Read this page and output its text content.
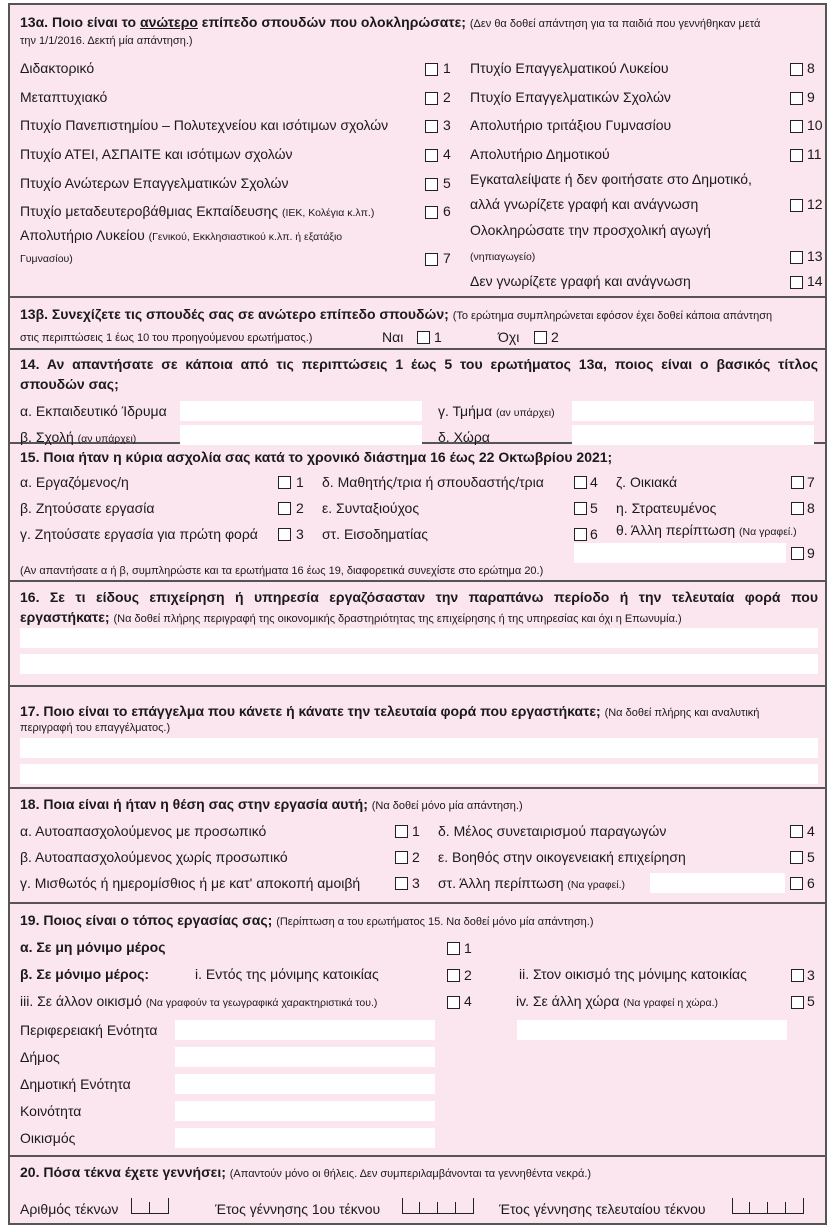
13α. Ποιο είναι το ανώτερο επίπεδο σπουδών που ολοκληρώσατε; (Δεν θα δοθεί απάντηση για τα παιδιά που γεννήθηκαν μετά
την 1/1/2016. Δεκτή μία απάντηση.)
Διδακτορικό	1
Μεταπτυχιακό	2
Πτυχίο Πανεπιστημίου – Πολυτεχνείου και ισότιμων σχολών	3
Πτυχίο ΑΤΕΙ, ΑΣΠΑΙΤΕ και ισότιμων σχολών	4
Πτυχίο Ανώτερων Επαγγελματικών Σχολών	5
Πτυχίο μεταδευτεροβάθμιας Εκπαίδευσης (ΙΕΚ, Κολέγια κ.λπ.)	6
Απολυτήριο Λυκείου (Γενικού, Εκκλησιαστικού κ.λπ. ή εξατάξιο
Γυμνασίου)	7
Πτυχίο Επαγγελματικού Λυκείου	8
Πτυχίο Επαγγελματικών Σχολών	9
Απολυτήριο τριτάξιου Γυμνασίου	10
Απολυτήριο Δημοτικού	11
Εγκαταλείψατε ή δεν φοιτήσατε στο Δημοτικό,
αλλά γνωρίζετε γραφή και ανάγνωση	12
Ολοκληρώσατε την προσχολική αγωγή
(νηπιαγωγείο)	13
Δεν γνωρίζετε γραφή και ανάγνωση	14
13β. Συνεχίζετε τις σπουδές σας σε ανώτερο επίπεδο σπουδών; (Το ερώτημα συμπληρώνεται εφόσον έχει δοθεί κάποια απάντηση
στις περιπτώσεις 1 έως 10 του προηγούμενου ερωτήματος.)	Ναι 1	Όχι 2
14. Αν απαντήσατε σε κάποια από τις περιπτώσεις 1 έως 5 του ερωτήματος 13α, ποιος είναι ο βασικός τίτλος
σπουδών σας;
α. Εκπαιδευτικό Ίδρυμα
β. Σχολή (αν υπάρχει)
γ. Τμήμα (αν υπάρχει)
δ. Χώρα
15. Ποια ήταν η κύρια ασχολία σας κατά το χρονικό διάστημα 16 έως 22 Οκτωβρίου 2021;
α. Εργαζόμενος/η	1
β. Ζητούσατε εργασία	2
γ. Ζητούσατε εργασία για πρώτη φορά	3
δ. Μαθητής/τρια ή σπουδαστής/τρια	4
ε. Συνταξιούχος	5
στ. Εισοδηματίας	6
ζ. Οικιακά	7
η. Στρατευμένος	8
θ. Άλλη περίπτωση (Να γραφεί.)
9
(Αν απαντήσατε α ή β, συμπληρώστε και τα ερωτήματα 16 έως 19, διαφορετικά συνεχίστε στο ερώτημα 20.)
16. Σε τι είδους επιχείρηση ή υπηρεσία εργαζόσασταν την παραπάνω περίοδο ή την τελευταία φορά που
εργαστήκατε; (Να δοθεί πλήρης περιγραφή της οικονομικής δραστηριότητας της επιχείρησης ή της υπηρεσίας και όχι η Επωνυμία.)
17. Ποιο είναι το επάγγελμα που κάνετε ή κάνατε την τελευταία φορά που εργαστήκατε; (Να δοθεί πλήρης και αναλυτική
περιγραφή του επαγγέλματος.)
18. Ποια είναι ή ήταν η θέση σας στην εργασία αυτή; (Να δοθεί μόνο μία απάντηση.)
α. Αυτοαπασχολούμενος με προσωπικό	1
β. Αυτοαπασχολούμενος χωρίς προσωπικό	2
γ. Μισθωτός ή ημερομίσθιος ή με κατ' αποκοπή αμοιβή	3
δ. Μέλος συνεταιρισμού παραγωγών	4
ε. Βοηθός στην οικογενειακή επιχείρηση	5
στ. Άλλη περίπτωση (Να γραφεί.)	6
19. Ποιος είναι ο τόπος εργασίας σας; (Περίπτωση α του ερωτήματος 15. Να δοθεί μόνο μία απάντηση.)
α. Σε μη μόνιμο μέρος	1
β. Σε μόνιμο μέρος:	i. Εντός της μόνιμης κατοικίας	2	ii. Στον οικισμό της μόνιμης κατοικίας	3
iii. Σε άλλον οικισμό (Να γραφούν τα γεωγραφικά χαρακτηριστικά του.)	4	iv. Σε άλλη χώρα (Να γραφεί η χώρα.)	5
Περιφερειακή Ενότητα
Δήμος
Δημοτική Ενότητα
Κοινότητα
Οικισμός
20. Πόσα τέκνα έχετε γεννήσει; (Απαντούν μόνο οι θήλεις. Δεν συμπεριλαμβάνονται τα γεννηθέντα νεκρά.)
Αριθμός τέκνων	Έτος γέννησης 1ου τέκνου	Έτος γέννησης τελευταίου τέκνου
